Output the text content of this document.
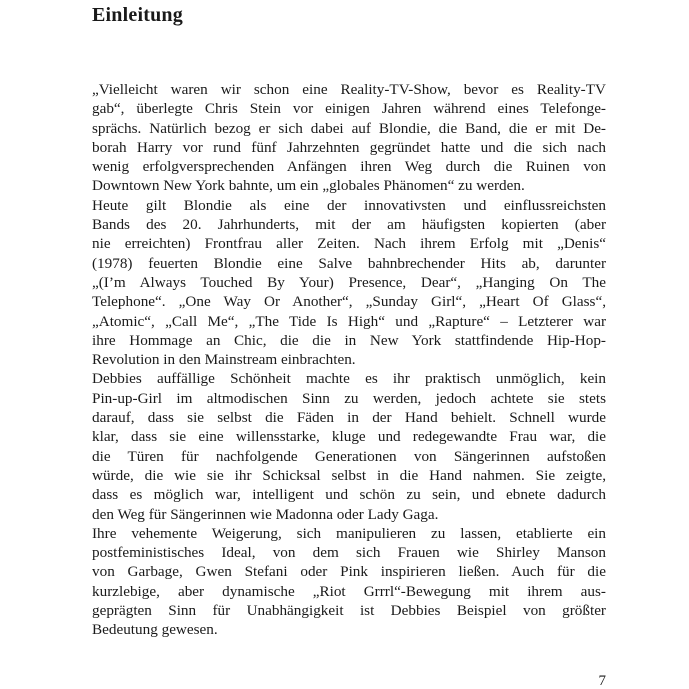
Einleitung
„Vielleicht waren wir schon eine Reality-TV-Show, bevor es Reality-TV
gab“, überlegte Chris Stein vor einigen Jahren während eines Telefonge-
sprächs. Natürlich bezog er sich dabei auf Blondie, die Band, die er mit De-
borah Harry vor rund fünf Jahrzehnten gegründet hatte und die sich nach
wenig erfolgversprechenden Anfängen ihren Weg durch die Ruinen von
Downtown New York bahnte, um ein „globales Phänomen“ zu werden.
Heute gilt Blondie als eine der innovativsten und einflussreichsten
Bands des 20. Jahrhunderts, mit der am häufigsten kopierten (aber
nie erreichten) Frontfrau aller Zeiten. Nach ihrem Erfolg mit „Denis“
(1978) feuerten Blondie eine Salve bahnbrechender Hits ab, darunter
„(I’m Always Touched By Your) Presence, Dear“, „Hanging On The
Telephone“. „One Way Or Another“, „Sunday Girl“, „Heart Of Glass“,
„Atomic“, „Call Me“, „The Tide Is High“ und „Rapture“ – Letzterer war
ihre Hommage an Chic, die die in New York stattfindende Hip-Hop-
Revolution in den Mainstream einbrachten.
Debbies auffällige Schönheit machte es ihr praktisch unmöglich, kein
Pin-up-Girl im altmodischen Sinn zu werden, jedoch achtete sie stets
darauf, dass sie selbst die Fäden in der Hand behielt. Schnell wurde
klar, dass sie eine willensstarke, kluge und redegewandte Frau war, die
die Türen für nachfolgende Generationen von Sängerinnen aufstoßen
würde, die wie sie ihr Schicksal selbst in die Hand nahmen. Sie zeigte,
dass es möglich war, intelligent und schön zu sein, und ebnete dadurch
den Weg für Sängerinnen wie Madonna oder Lady Gaga.
Ihre vehemente Weigerung, sich manipulieren zu lassen, etablierte ein
postfeministisches Ideal, von dem sich Frauen wie Shirley Manson
von Garbage, Gwen Stefani oder Pink inspirieren ließen. Auch für die
kurzlebige, aber dynamische „Riot Grrrl“-Bewegung mit ihrem aus-
geprägten Sinn für Unabhängigkeit ist Debbies Beispiel von größter
Bedeutung gewesen.
7
